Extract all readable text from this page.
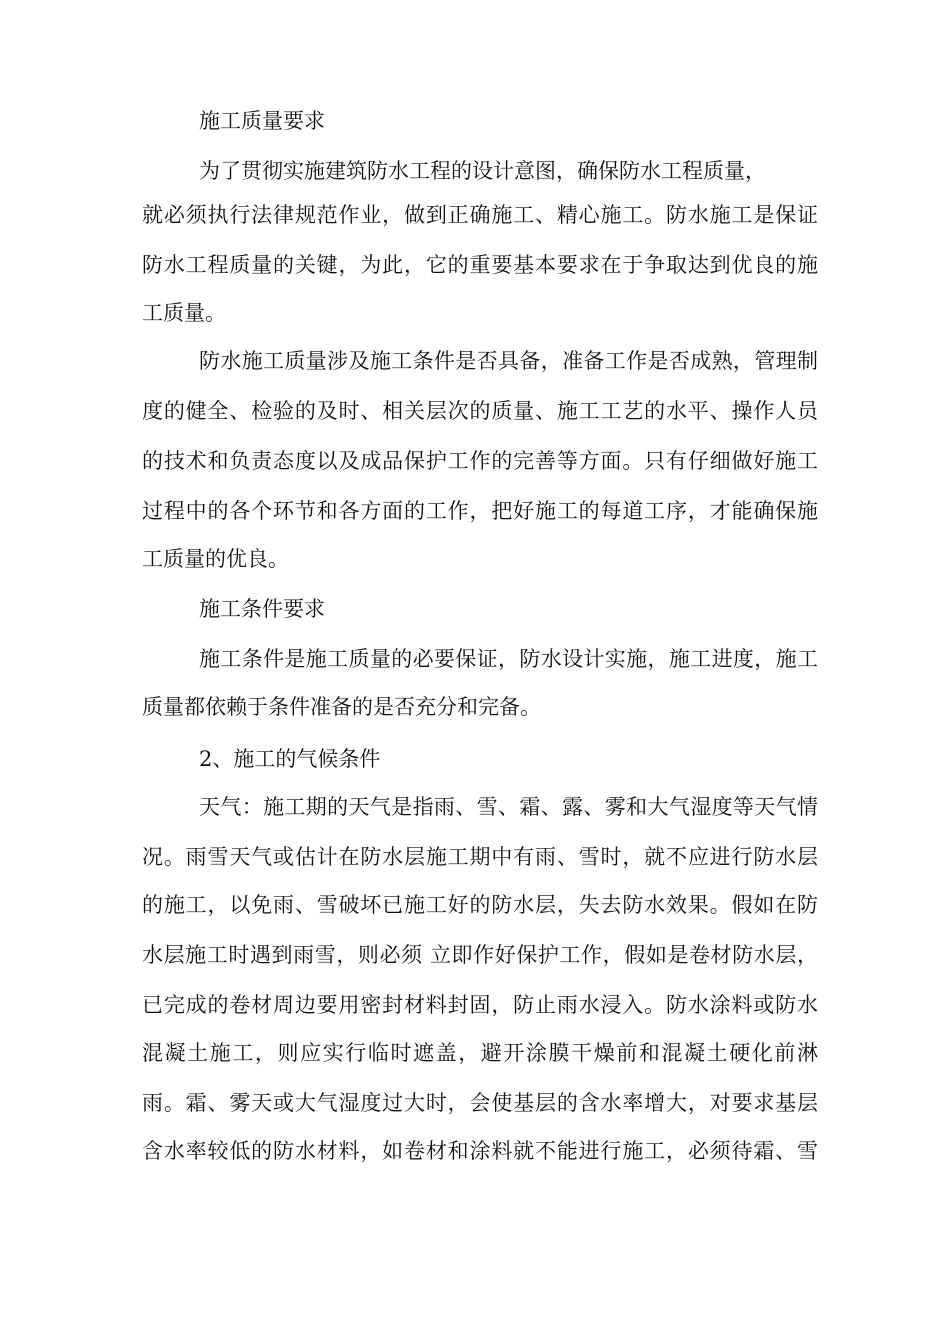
施工质量要求

为了贯彻实施建筑防水工程的设计意图，确保防水工程质量，

就必须执行法律规范作业，做到正确施工、精心施工。防水施工是保证

防水工程质量的关键，为此，它的重要基本要求在于争取达到优良的施

工质量。

防水施工质量涉及施工条件是否具备，准备工作是否成熟，管理制

度的健全、检验的及时、相关层次的质量、施工工艺的水平、操作人员

的技术和负责态度以及成品保护工作的完善等方面。只有仔细做好施工

过程中的各个环节和各方面的工作，把好施工的每道工序，才能确保施

工质量的优良。

施工条件要求

施工条件是施工质量的必要保证，防水设计实施，施工进度，施工

质量都依赖于条件准备的是否充分和完备。

2、施工的气候条件

天气：施工期的天气是指雨、雪、霜、露、雾和大气湿度等天气情

况。雨雪天气或估计在防水层施工期中有雨、雪时，就不应进行防水层

的施工，以免雨、雪破坏已施工好的防水层，失去防水效果。假如在防

水层施工时遇到雨雪，则必须 立即作好保护工作，假如是卷材防水层，

已完成的卷材周边要用密封材料封固，防止雨水浸入。防水涂料或防水

混凝土施工，则应实行临时遮盖，避开涂膜干燥前和混凝土硬化前淋

雨。霜、雾天或大气湿度过大时，会使基层的含水率增大，对要求基层

含水率较低的防水材料，如卷材和涂料就不能进行施工，必须待霜、雪
